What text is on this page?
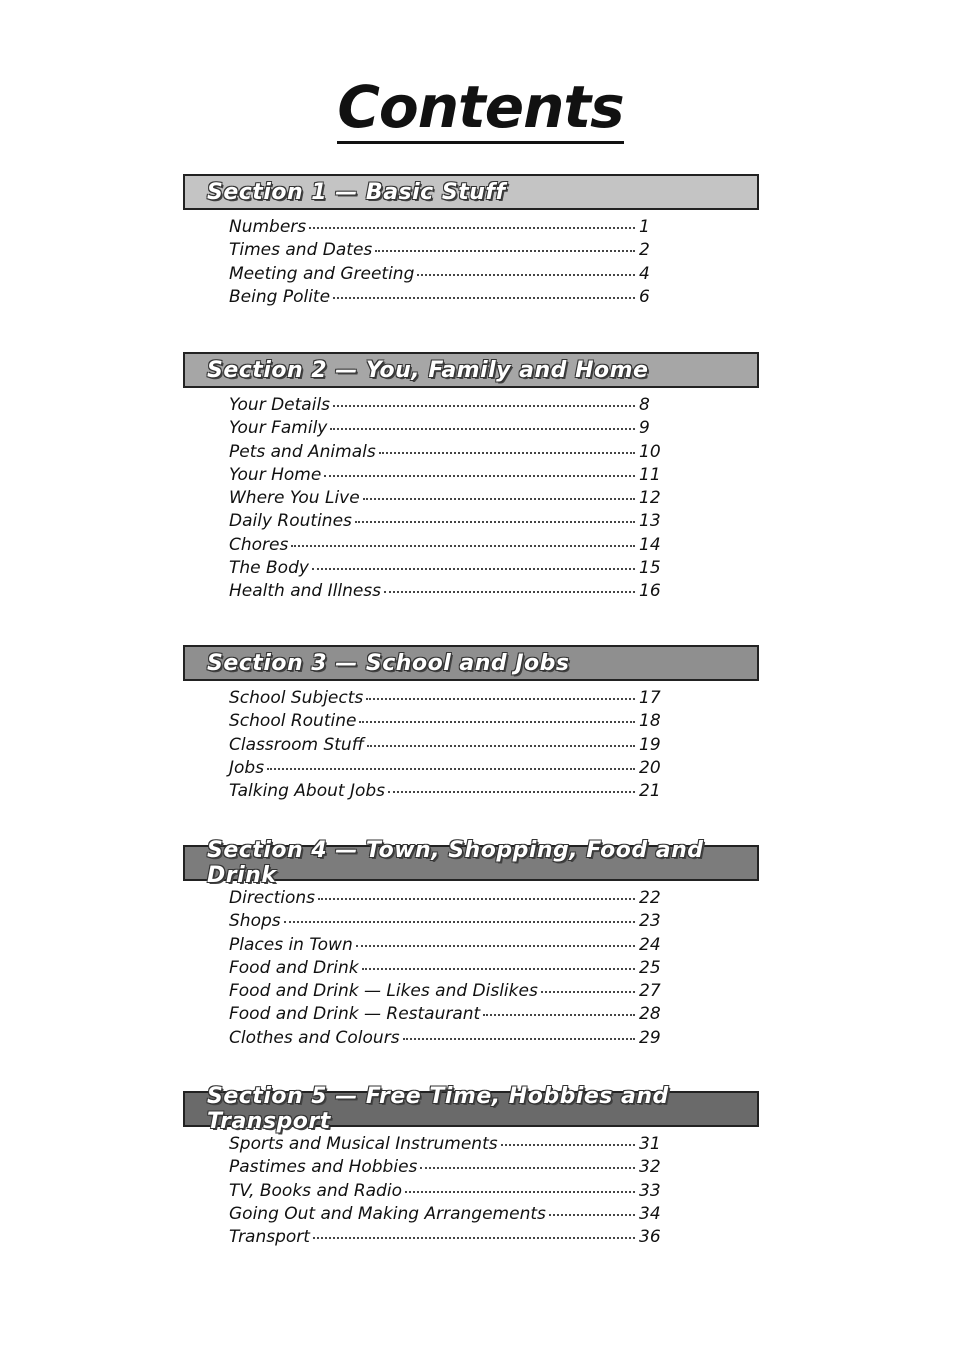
Contents
Section 1 — Basic Stuff
Numbers	1
Times and Dates	2
Meeting and Greeting	4
Being Polite	6
Section 2 — You, Family and Home
Your Details	8
Your Family	9
Pets and Animals	10
Your Home	11
Where You Live	12
Daily Routines	13
Chores	14
The Body	15
Health and Illness	16
Section 3 — School and Jobs
School Subjects	17
School Routine	18
Classroom Stuff	19
Jobs	20
Talking About Jobs	21
Section 4 — Town, Shopping, Food and Drink
Directions	22
Shops	23
Places in Town	24
Food and Drink	25
Food and Drink — Likes and Dislikes	27
Food and Drink — Restaurant	28
Clothes and Colours	29
Section 5 — Free Time, Hobbies and Transport
Sports and Musical Instruments	31
Pastimes and Hobbies	32
TV, Books and Radio	33
Going Out and Making Arrangements	34
Transport	36
